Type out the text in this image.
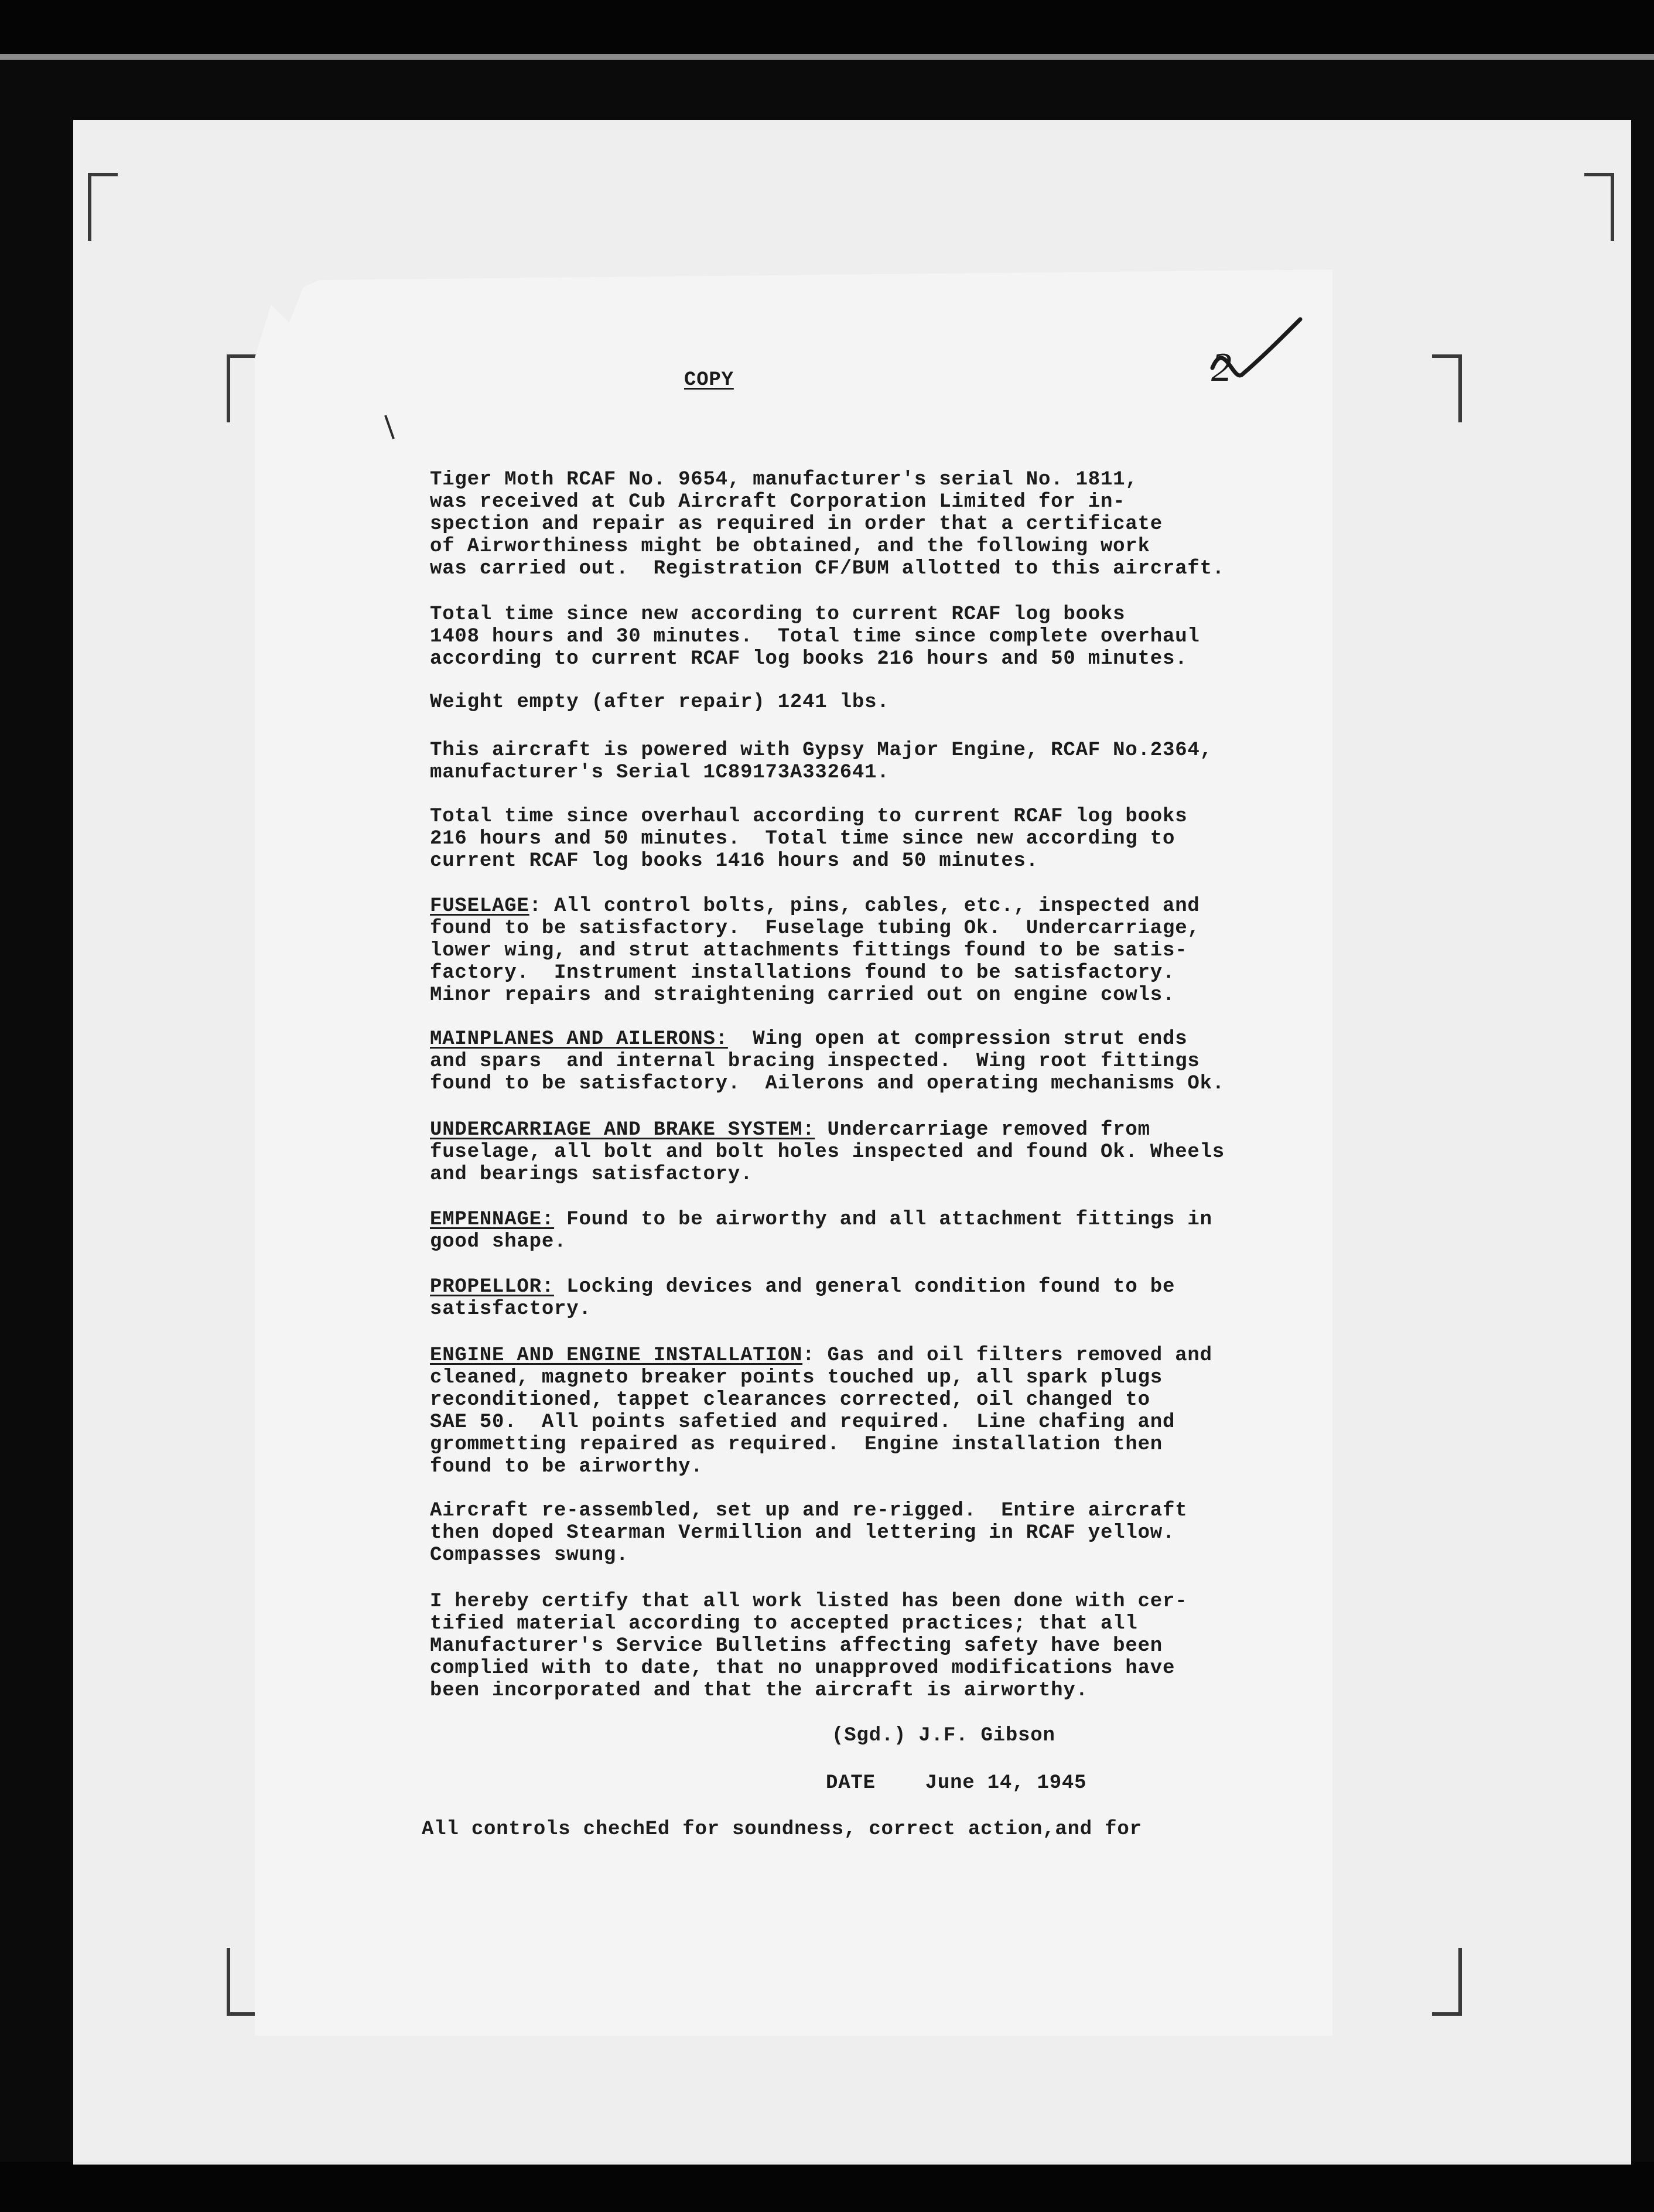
COPY

Tiger Moth RCAF No. 9654, manufacturer's serial No. 1811,
was received at Cub Aircraft Corporation Limited for in-
spection and repair as required in order that a certificate
of Airworthiness might be obtained, and the following work
was carried out.  Registration CF/BUM allotted to this aircraft.

Total time since new according to current RCAF log books
1408 hours and 30 minutes.  Total time since complete overhaul
according to current RCAF log books 216 hours and 50 minutes.

Weight empty (after repair) 1241 lbs.

This aircraft is powered with Gypsy Major Engine, RCAF No.2364,
manufacturer's Serial 1C89173A332641.

Total time since overhaul according to current RCAF log books
216 hours and 50 minutes.  Total time since new according to
current RCAF log books 1416 hours and 50 minutes.

FUSELAGE: All control bolts, pins, cables, etc., inspected and
found to be satisfactory.  Fuselage tubing Ok.  Undercarriage,
lower wing, and strut attachments fittings found to be satis-
factory.  Instrument installations found to be satisfactory.
Minor repairs and straightening carried out on engine cowls.

MAINPLANES AND AILERONS:  Wing open at compression strut ends
and spars  and internal bracing inspected.  Wing root fittings
found to be satisfactory.  Ailerons and operating mechanisms Ok.

UNDERCARRIAGE AND BRAKE SYSTEM: Undercarriage removed from
fuselage, all bolt and bolt holes inspected and found Ok. Wheels
and bearings satisfactory.

EMPENNAGE: Found to be airworthy and all attachment fittings in
good shape.

PROPELLOR: Locking devices and general condition found to be
satisfactory.

ENGINE AND ENGINE INSTALLATION: Gas and oil filters removed and
cleaned, magneto breaker points touched up, all spark plugs
reconditioned, tappet clearances corrected, oil changed to
SAE 50.  All points safetied and required.  Line chafing and
grommetting repaired as required.  Engine installation then
found to be airworthy.

Aircraft re-assembled, set up and re-rigged.  Entire aircraft
then doped Stearman Vermillion and lettering in RCAF yellow.
Compasses swung.

I hereby certify that all work listed has been done with cer-
tified material according to accepted practices; that all
Manufacturer's Service Bulletins affecting safety have been
complied with to date, that no unapproved modifications have
been incorporated and that the aircraft is airworthy.

(Sgd.) J.F. Gibson

DATE June 14, 1945

All controls chechEd for soundness, correct action,and for

2
